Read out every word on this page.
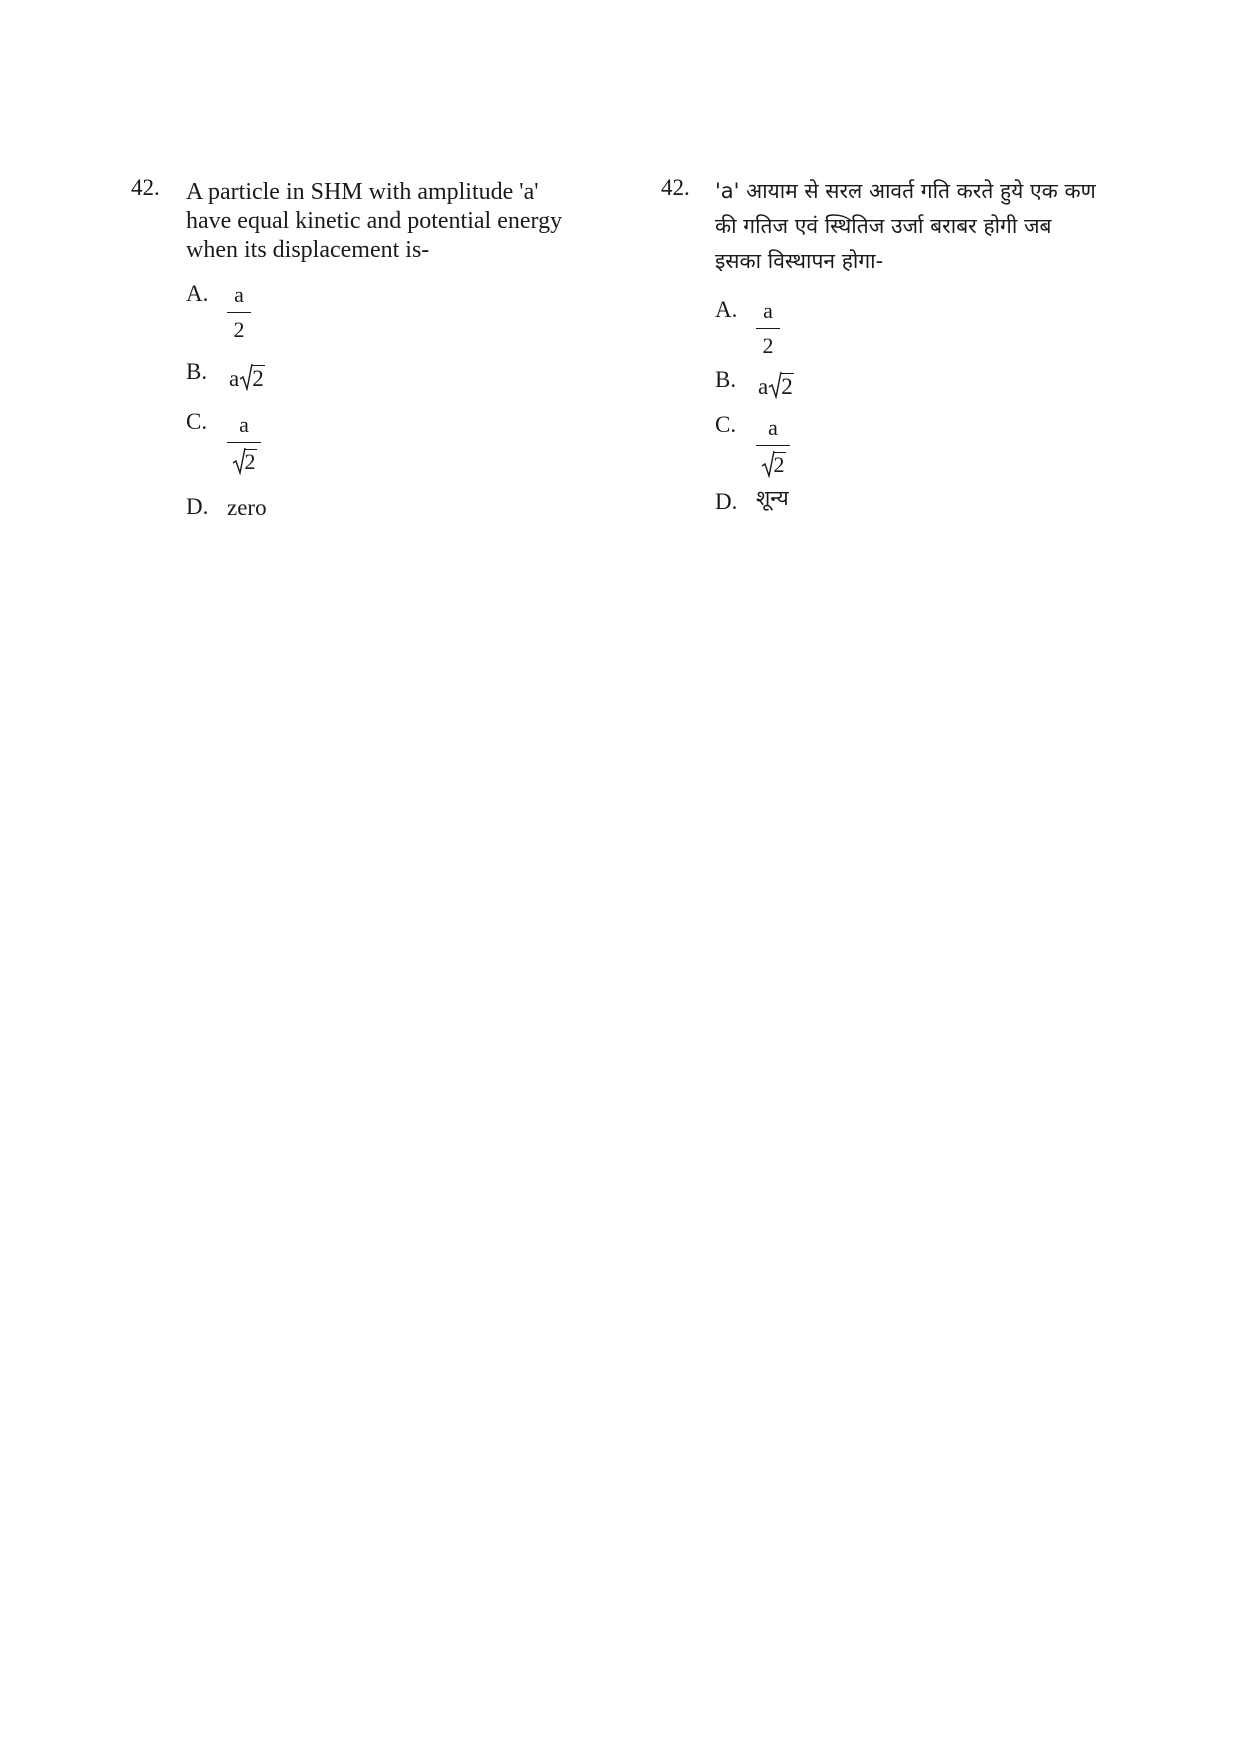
42. A particle in SHM with amplitude 'a'
have equal kinetic and potential energy
when its displacement is-

A.	a
2
B. a 2
C.	a
2
D. zero
42. 'a' आयाम से सरल आवर्त गति करते हुये एक कण
की गतिज एवं स्थितिज उर्जा बराबर होगी जब
इसका विस्थापन होगा-

A.	a
2
B. a 2
C.	a
2
D. शून्य
